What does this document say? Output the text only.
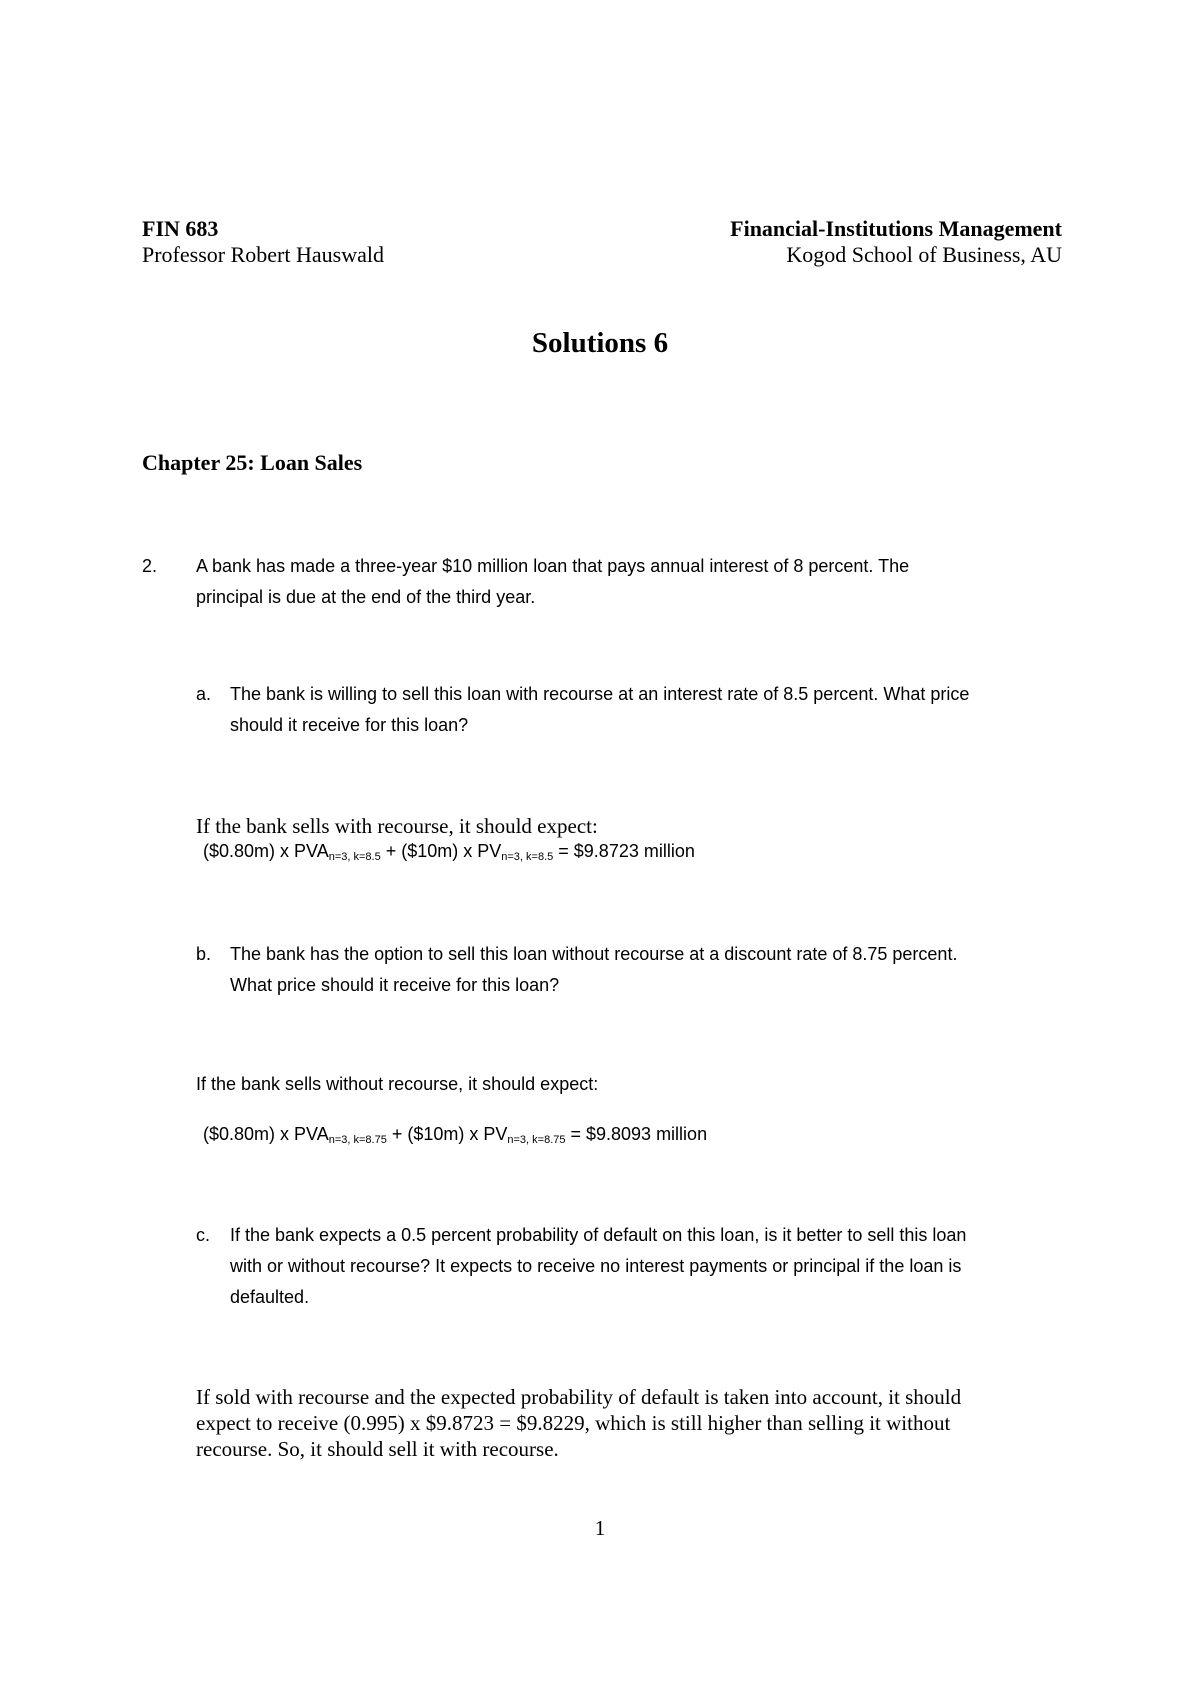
FIN 683	Financial-Institutions Management
Professor Robert Hauswald	Kogod School of Business, AU
Solutions 6
Chapter 25: Loan Sales
2. A bank has made a three-year $10 million loan that pays annual interest of 8 percent. The
principal is due at the end of the third year.
a. The bank is willing to sell this loan with recourse at an interest rate of 8.5 percent. What price
should it receive for this loan?
If the bank sells with recourse, it should expect:
($0.80m) x $PVA_{n=3, k=8.5}$ + ($10m) x $PV_{n=3, k=8.5}$ = $9.8723 million
b. The bank has the option to sell this loan without recourse at a discount rate of 8.75 percent.
What price should it receive for this loan?
If the bank sells without recourse, it should expect:
($0.80m) x $PVA_{n=3, k=8.75}$ + ($10m) x $PV_{n=3, k=8.75}$ = $9.8093 million
c. If the bank expects a 0.5 percent probability of default on this loan, is it better to sell this loan
with or without recourse? It expects to receive no interest payments or principal if the loan is
defaulted.
If sold with recourse and the expected probability of default is taken into account, it should
expect to receive (0.995) x $9.8723 = $9.8229, which is still higher than selling it without
recourse. So, it should sell it with recourse.
1
